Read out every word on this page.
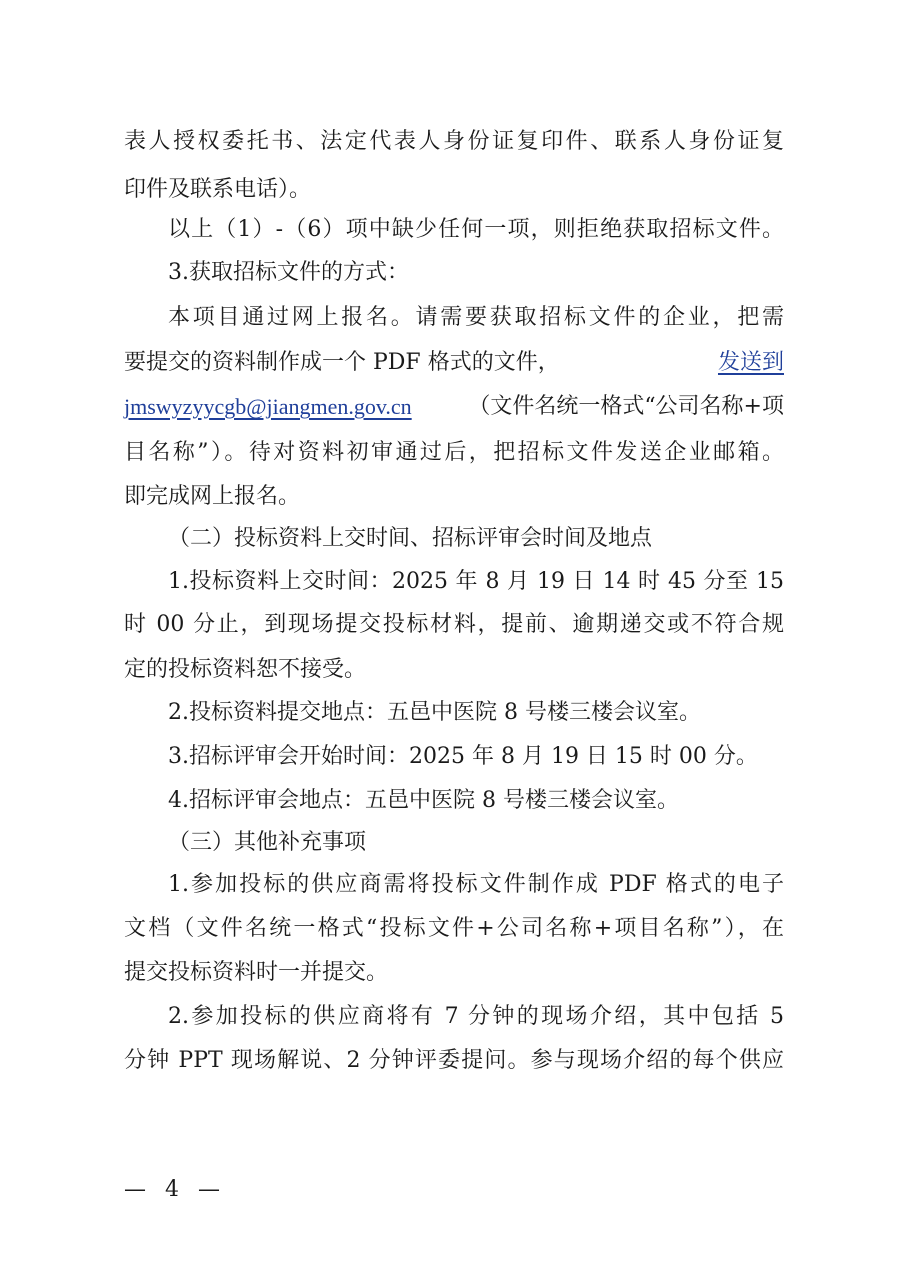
表人授权委托书、法定代表人身份证复印件、联系人身份证复
印件及联系电话）。
以上（1）-（6）项中缺少任何一项，则拒绝获取招标文件。
3.获取招标文件的方式：
本项目通过网上报名。请需要获取招标文件的企业，把需
要提交的资料制作成一个 PDF 格式的文件，	发送到
jmswyzyycgb@jiangmen.gov.cn	（文件名统一格式“公司名称+项
目名称”）。待对资料初审通过后，把招标文件发送企业邮箱。
即完成网上报名。
（二）投标资料上交时间、招标评审会时间及地点
1.投标资料上交时间：2025 年 8 月 19 日 14 时 45 分至 15
时 00 分止，到现场提交投标材料，提前、逾期递交或不符合规
定的投标资料恕不接受。
2.投标资料提交地点：五邑中医院 8 号楼三楼会议室。
3.招标评审会开始时间：2025 年 8 月 19 日 15 时 00 分。
4.招标评审会地点：五邑中医院 8 号楼三楼会议室。
（三）其他补充事项
1.参加投标的供应商需将投标文件制作成 PDF 格式的电子
文档（文件名统一格式“投标文件+公司名称+项目名称”），在
提交投标资料时一并提交。
2.参加投标的供应商将有 7 分钟的现场介绍，其中包括 5
分钟 PPT 现场解说、2 分钟评委提问。参与现场介绍的每个供应
— 4 —
